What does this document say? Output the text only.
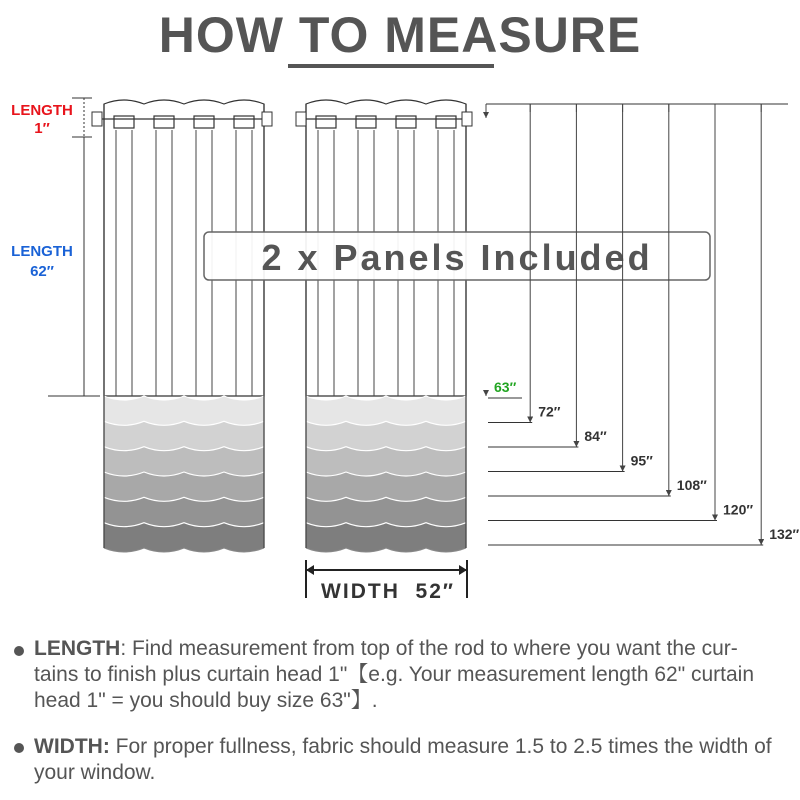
HOW TO MEASURE
LENGTH
1″
LENGTH
62″	2 x Panels Included
WIDTH  52″
63″
72″
84″
95″
108″
120″
132″
LENGTH: Find measurement from top of the rod to where you want the cur-tains to finish plus curtain head 1"【e.g. Your measurement length 62" curtain head 1" = you should buy size 63"】.
WIDTH: For proper fullness, fabric should measure 1.5 to 2.5 times the width of your window.
